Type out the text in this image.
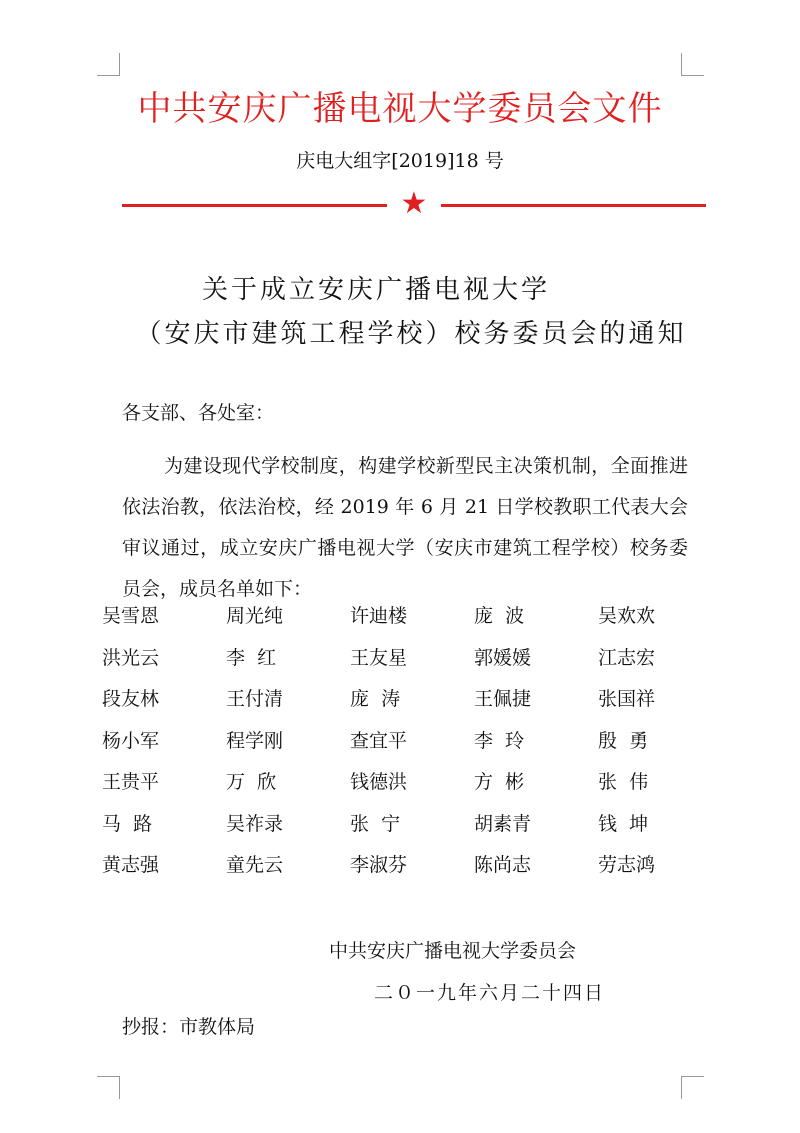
中共安庆广播电视大学委员会文件
庆电大组字[2019]18 号
★
关于成立安庆广播电视大学
（安庆市建筑工程学校）校务委员会的通知
各支部、各处室：

为建设现代学校制度，构建学校新型民主决策机制，全面推进依法治教，依法治校，经 2019 年 6 月 21 日学校教职工代表大会审议通过，成立安庆广播电视大学（安庆市建筑工程学校）校务委员会，成员名单如下：

吴雪恩	周光纯	许迪楼	庞  波	吴欢欢
洪光云	李  红	王友星	郭媛媛	江志宏
段友林	王付清	庞  涛	王佩捷	张国祥
杨小军	程学刚	查宜平	李  玲	殷  勇
王贵平	万  欣	钱德洪	方  彬	张  伟
马  路	吴祚录	张  宁	胡素青	钱  坤
黄志强	童先云	李淑芬	陈尚志	劳志鸿
中共安庆广播电视大学委员会
二０一九年六月二十四日
抄报：市教体局
